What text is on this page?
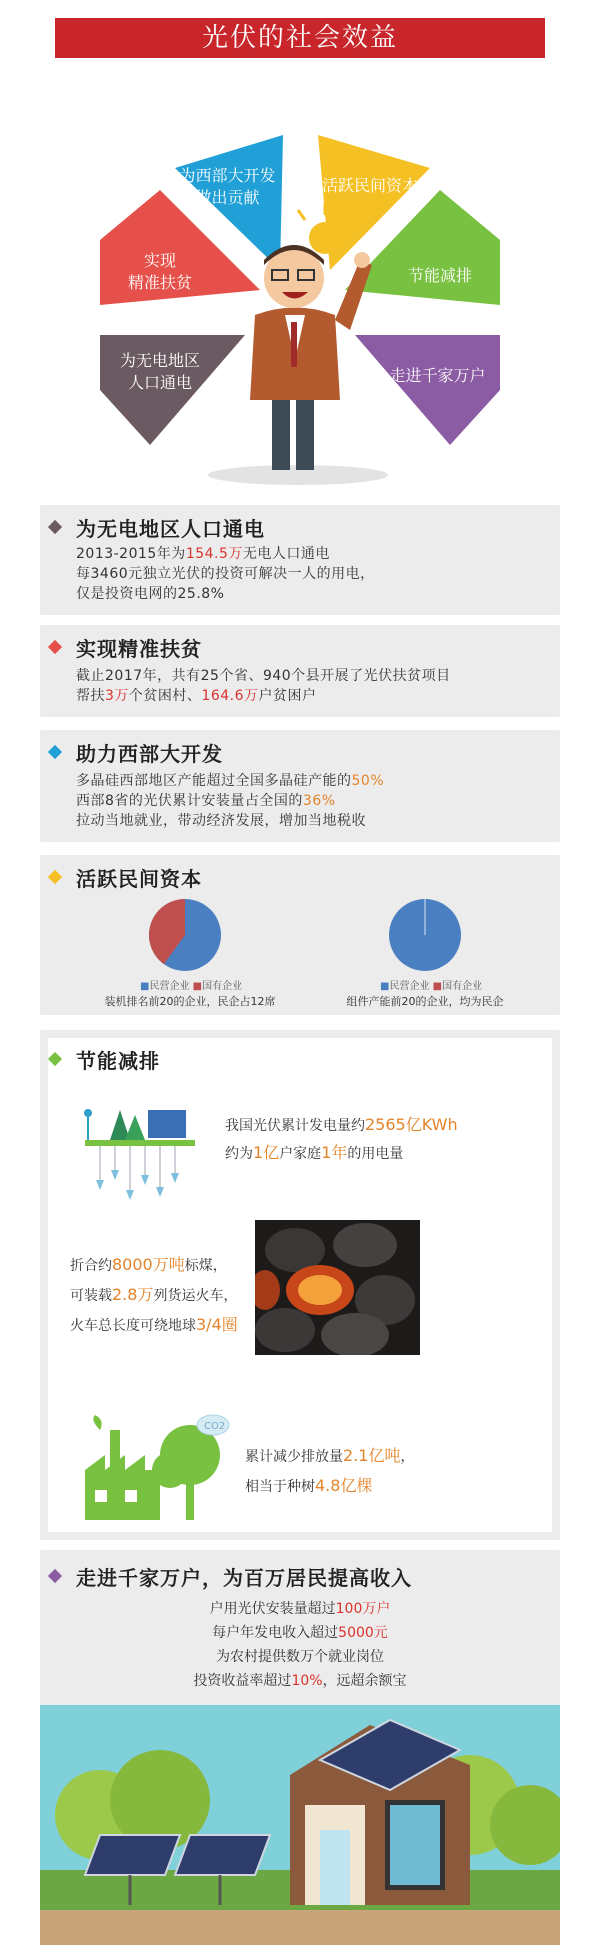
光伏的社会效益
为西部大开发
做出贡献
活跃民间资本
实现
精准扶贫	节能减排
为无电地区
人口通电	走进千家万户
为无电地区人口通电
2013-2015年为154.5万无电人口通电
每3460元独立光伏的投资可解决一人的用电，
仅是投资电网的25.8%
实现精准扶贫
截止2017年，共有25个省、940个县开展了光伏扶贫项目
帮扶3万个贫困村、164.6万户贫困户
助力西部大开发
多晶硅西部地区产能超过全国多晶硅产能的50%
西部8省的光伏累计安装量占全国的36%
拉动当地就业，带动经济发展，增加当地税收
活跃民间资本
■民营企业 ■国有企业	■民营企业 ■国有企业
装机排名前20的企业，民企占12席	组件产能前20的企业，均为民企
节能减排
我国光伏累计发电量约2565亿KWh
约为1亿户家庭1年的用电量
折合约8000万吨标煤，
可装载2.8万列货运火车，
火车总长度可绕地球3/4圈
CO2
累计减少排放量2.1亿吨，
相当于种树4.8亿棵
走进千家万户，为百万居民提高收入
户用光伏安装量超过100万户
每户年发电收入超过5000元
为农村提供数万个就业岗位
投资收益率超过10%，远超余额宝
